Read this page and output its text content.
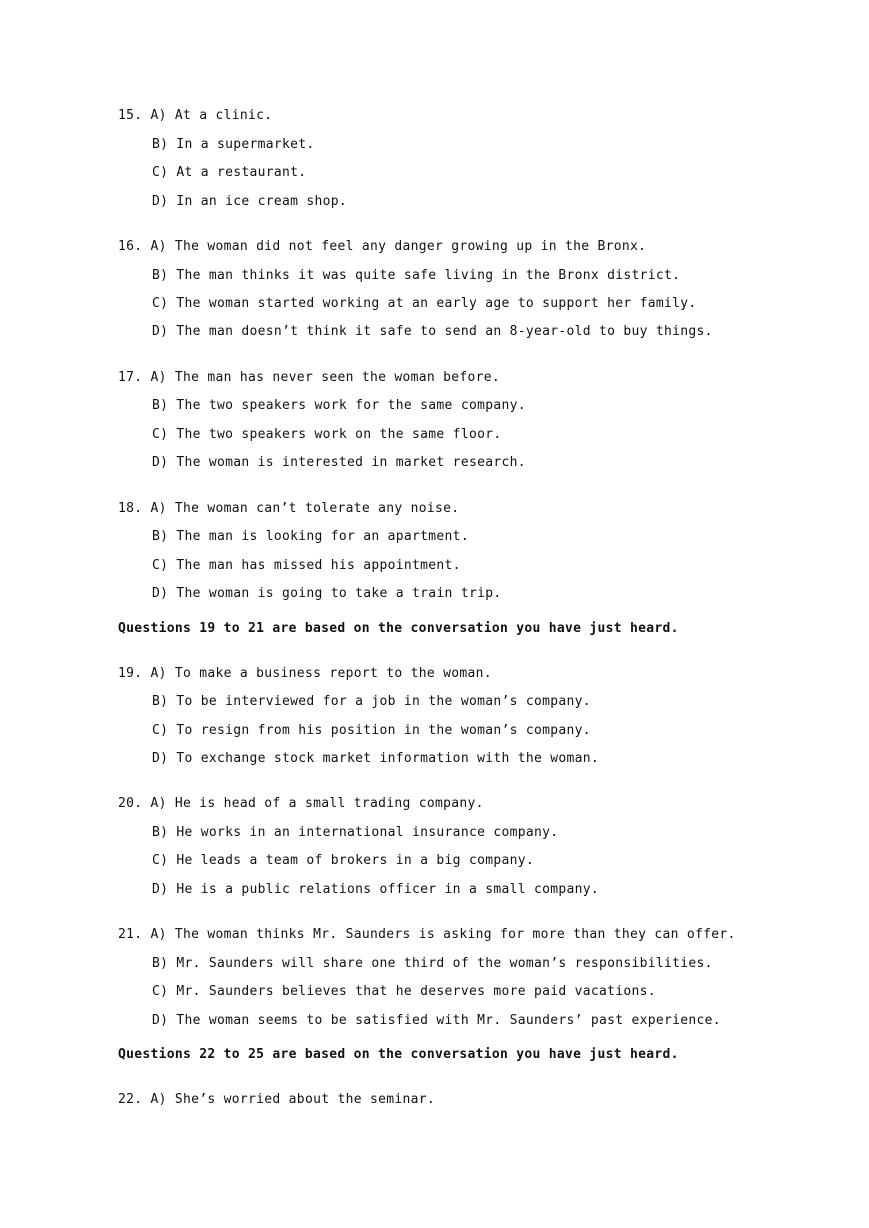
15. A) At a clinic.
B) In a supermarket.
C) At a restaurant.
D) In an ice cream shop.
16. A) The woman did not feel any danger growing up in the Bronx.
B) The man thinks it was quite safe living in the Bronx district.
C) The woman started working at an early age to support her family.
D) The man doesn’t think it safe to send an 8-year-old to buy things.
17. A) The man has never seen the woman before.
B) The two speakers work for the same company.
C) The two speakers work on the same floor.
D) The woman is interested in market research.
18. A) The woman can’t tolerate any noise.
B) The man is looking for an apartment.
C) The man has missed his appointment.
D) The woman is going to take a train trip.
Questions 19 to 21 are based on the conversation you have just heard.
19. A) To make a business report to the woman.
B) To be interviewed for a job in the woman’s company.
C) To resign from his position in the woman’s company.
D) To exchange stock market information with the woman.
20. A) He is head of a small trading company.
B) He works in an international insurance company.
C) He leads a team of brokers in a big company.
D) He is a public relations officer in a small company.
21. A) The woman thinks Mr. Saunders is asking for more than they can offer.
B) Mr. Saunders will share one third of the woman’s responsibilities.
C) Mr. Saunders believes that he deserves more paid vacations.
D) The woman seems to be satisfied with Mr. Saunders’ past experience.
Questions 22 to 25 are based on the conversation you have just heard.
22. A) She’s worried about the seminar.
